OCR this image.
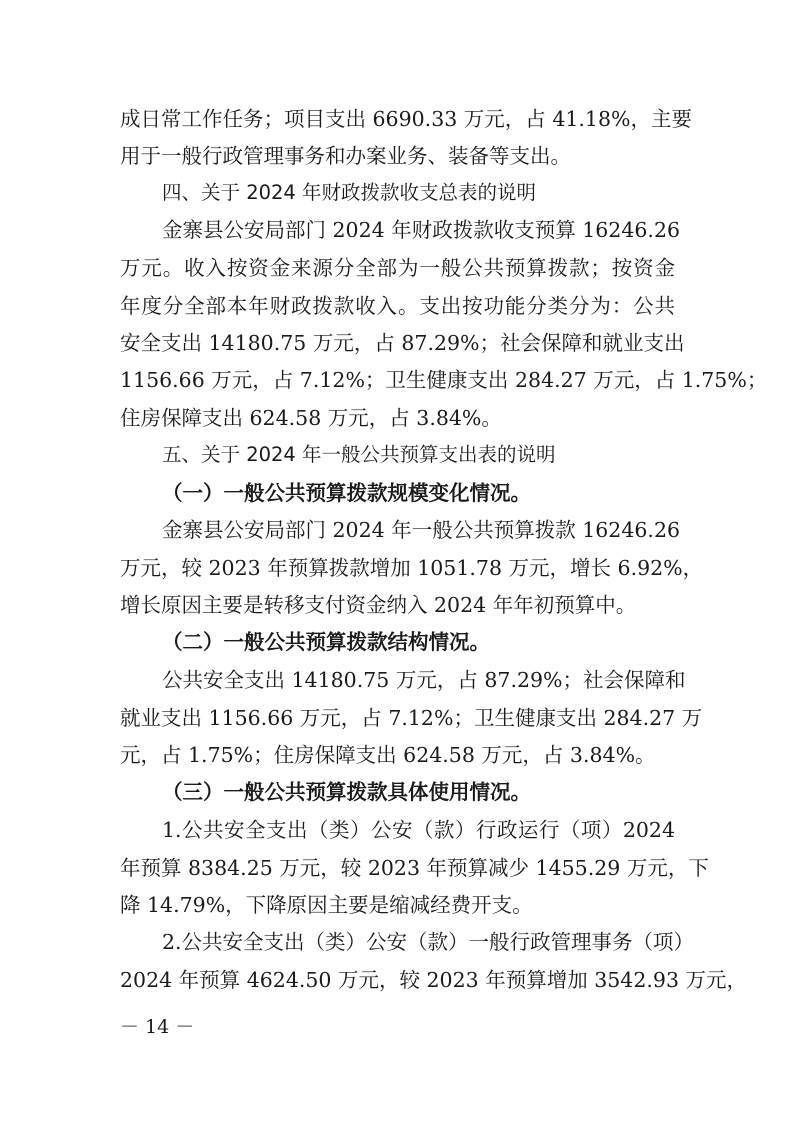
成日常工作任务；项目支出 6690.33 万元，占 41.18%，主要
用于一般行政管理事务和办案业务、装备等支出。
四、关于 2024 年财政拨款收支总表的说明
金寨县公安局部门 2024 年财政拨款收支预算 16246.26
万元。收入按资金来源分全部为一般公共预算拨款；按资金
年度分全部本年财政拨款收入。支出按功能分类分为：公共
安全支出 14180.75 万元，占 87.29%；社会保障和就业支出
1156.66 万元，占 7.12%；卫生健康支出 284.27 万元，占 1.75%；
住房保障支出 624.58 万元，占 3.84%。
五、关于 2024 年一般公共预算支出表的说明
（一）一般公共预算拨款规模变化情况。
金寨县公安局部门 2024 年一般公共预算拨款 16246.26
万元，较 2023 年预算拨款增加 1051.78 万元，增长 6.92%，
增长原因主要是转移支付资金纳入 2024 年年初预算中。
（二）一般公共预算拨款结构情况。
公共安全支出 14180.75 万元，占 87.29%；社会保障和
就业支出 1156.66 万元，占 7.12%；卫生健康支出 284.27 万
元，占 1.75%；住房保障支出 624.58 万元，占 3.84%。
（三）一般公共预算拨款具体使用情况。
1.公共安全支出（类）公安（款）行政运行（项）2024
年预算 8384.25 万元，较 2023 年预算减少 1455.29 万元，下
降 14.79%，下降原因主要是缩减经费开支。
2.公共安全支出（类）公安（款）一般行政管理事务（项）
2024 年预算 4624.50 万元，较 2023 年预算增加 3542.93 万元，
－ 14 －
